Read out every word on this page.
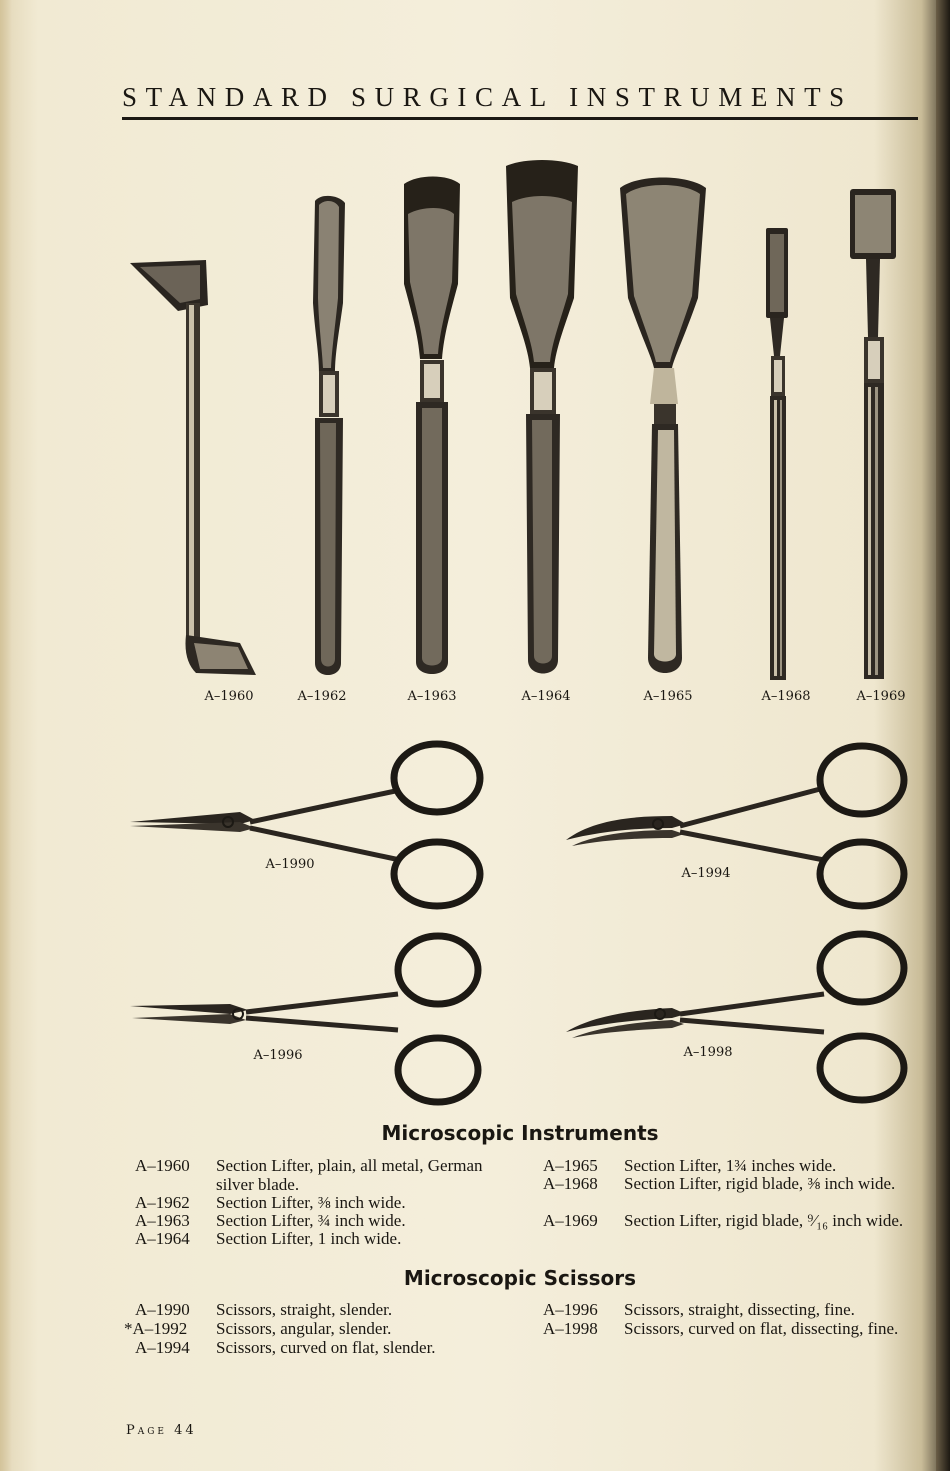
STANDARD SURGICAL INSTRUMENTS
A–1960	A–1962	A–1963	A–1964	A–1965	A–1968	A–1969
A–1990
A–1994
A–1996	A–1998
Microscopic Instruments
A–1960 Section Lifter, plain, all metal, German silver blade.
A–1962 Section Lifter, ⅜ inch wide.
A–1963 Section Lifter, ¾ inch wide.
A–1964 Section Lifter, 1 inch wide.
A–1965 Section Lifter, 1¾ inches wide.
A–1968 Section Lifter, rigid blade, ⅜ inch wide.
A–1969 Section Lifter, rigid blade, ⁹⁄₁₆ inch wide.
Microscopic Scissors
A–1990 Scissors, straight, slender.
*A–1992 Scissors, angular, slender.
A–1994 Scissors, curved on flat, slender.
A–1996 Scissors, straight, dissecting, fine.
A–1998 Scissors, curved on flat, dissecting, fine.
Page 44
